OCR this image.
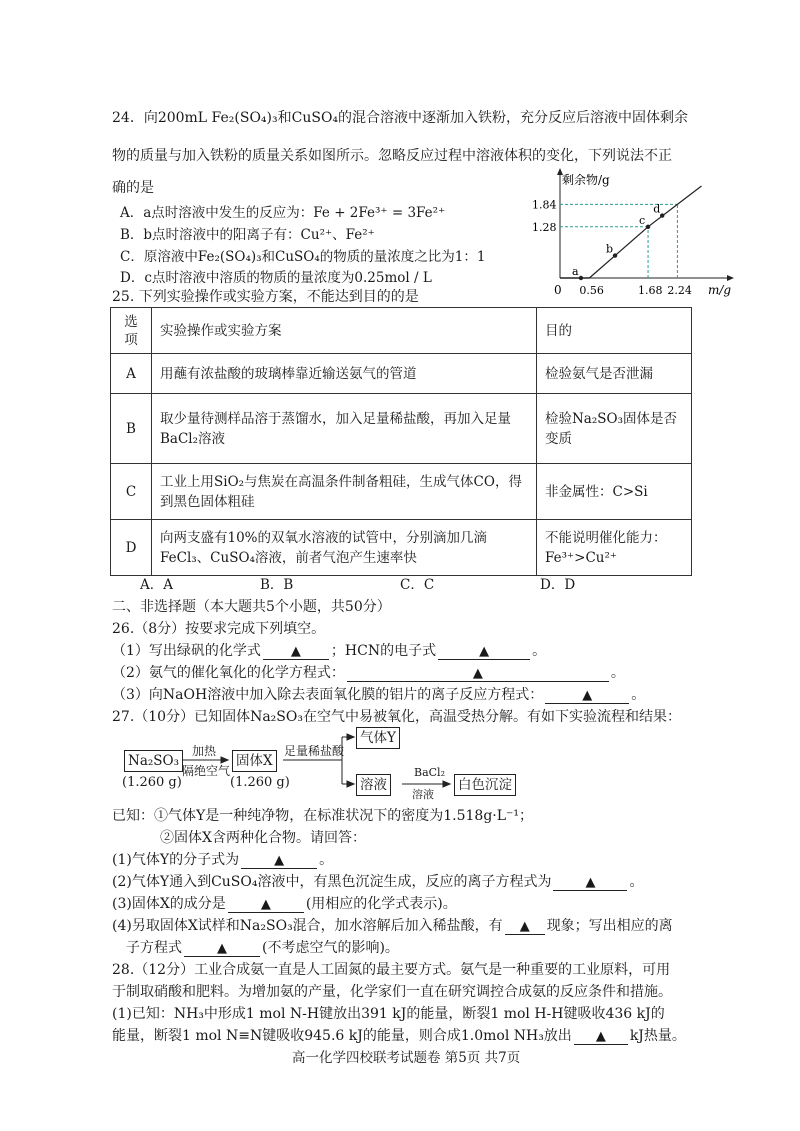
24．向200mL Fe₂(SO₄)₃和CuSO₄的混合溶液中逐渐加入铁粉，充分反应后溶液中固体剩余
物的质量与加入铁粉的质量关系如图所示。忽略反应过程中溶液体积的变化，下列说法不正
确的是
A．a点时溶液中发生的反应为：Fe + 2Fe³⁺ = 3Fe²⁺
B．b点时溶液中的阳离子有：Cu²⁺、Fe²⁺
C．原溶液中Fe₂(SO₄)₃和CuSO₄的物质的量浓度之比为1：1
D．c点时溶液中溶质的物质的量浓度为0.25mol / L
0.56	1.68 2.24
1.28
1.84
a
b
c
d
剩余物/g
m/g
0
25. 下列实验操作或实验方案，不能达到目的的是
选项	实验操作或实验方案	目的
A	用蘸有浓盐酸的玻璃棒靠近输送氨气的管道	检验氨气是否泄漏
B	取少量待测样品溶于蒸馏水，加入足量稀盐酸，再加入足量BaCl₂溶液	检验Na₂SO₃固体是否变质
C	工业上用SiO₂与焦炭在高温条件制备粗硅，生成气体CO，得到黑色固体粗硅	非金属性：C>Si
D	向两支盛有10%的双氧水溶液的试管中，分别滴加几滴FeCl₃、CuSO₄溶液，前者气泡产生速率快	不能说明催化能力：Fe³⁺>Cu²⁺
A．A	B．B	C．C	D．D
二、非选择题（本大题共5个小题，共50分）
26.（8分）按要求完成下列填空。
（1）写出绿矾的化学式 ▲ ；HCN的电子式	▲	。
（2）氨气的催化氧化的化学方程式：	▲	。
（3）向NaOH溶液中加入除去表面氧化膜的铝片的离子反应方程式：	▲	。
27.（10分）已知固体Na₂SO₃在空气中易被氧化，高温受热分解。有如下实验流程和结果：
Na₂SO₃
(1.260 g)
加热
隔绝空气
固体X
(1.260 g)
足量稀盐酸
气体Y
溶液
BaCl₂
溶液
白色沉淀
已知：①气体Y是一种纯净物，在标准状况下的密度为1.518g·L⁻¹；
②固体X含两种化合物。请回答：
(1)气体Y的分子式为	▲	。
(2)气体Y通入到CuSO₄溶液中，有黑色沉淀生成，反应的离子方程式为	▲ 。
(3)固体X的成分是	▲	(用相应的化学式表示)。
(4)另取固体X试样和Na₂SO₃混合，加水溶解后加入稀盐酸，有 ▲ 现象；写出相应的离
子方程式	▲	(不考虑空气的影响)。
28.（12分）工业合成氨一直是人工固氮的最主要方式。氨气是一种重要的工业原料，可用
于制取硝酸和肥料。为增加氨的产量，化学家们一直在研究调控合成氨的反应条件和措施。
(1)已知：NH₃中形成1 mol N-H键放出391 kJ的能量，断裂1 mol H-H键吸收436 kJ的
能量，断裂1 mol N≡N键吸收945.6 kJ的能量，则合成1.0mol NH₃放出 ▲ kJ热量。
高一化学四校联考试题卷 第5页 共7页
